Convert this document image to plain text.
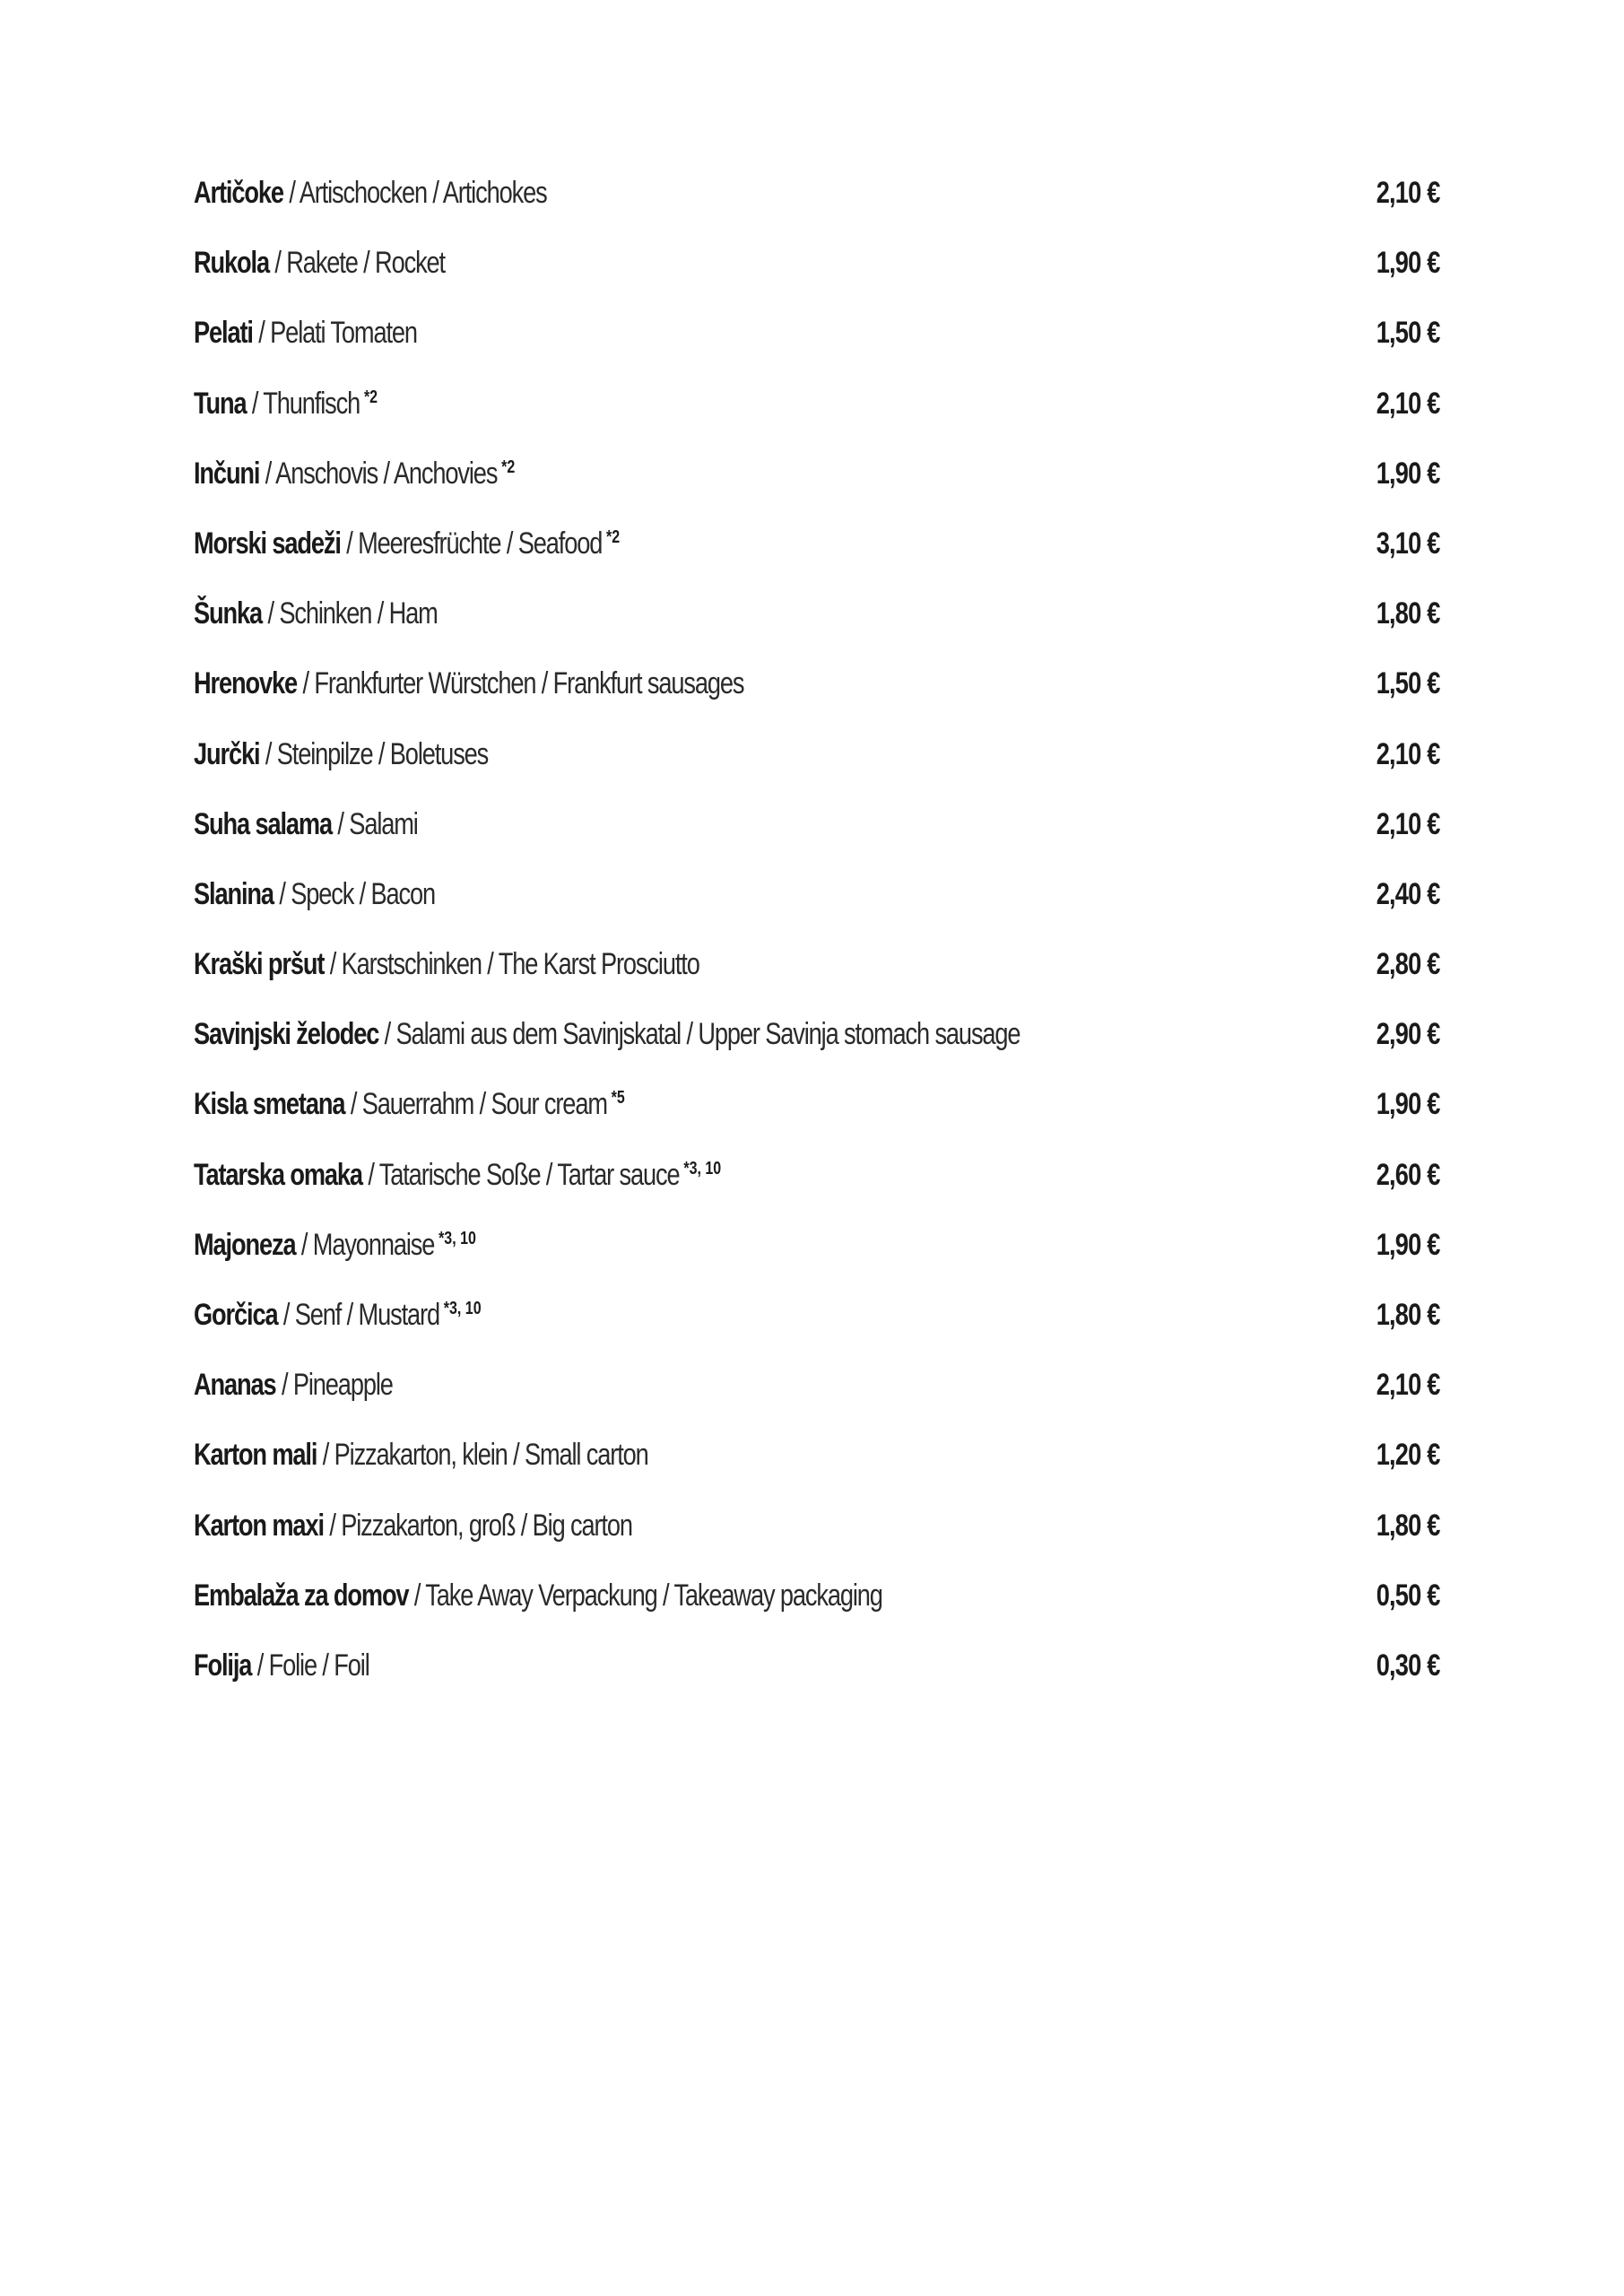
Artičoke / Artischocken / Artichokes	2,10 €
Rukola / Rakete / Rocket	1,90 €
Pelati / Pelati Tomaten	1,50 €
Tuna / Thunfisch $^{*2}$	2,10 €
Inčuni / Anschovis / Anchovies $^{*2}$	1,90 €
Morski sadeži / Meeresfrüchte / Seafood $^{*2}$	3,10 €
Šunka / Schinken / Ham	1,80 €
Hrenovke / Frankfurter Würstchen / Frankfurt sausages	1,50 €
Jurčki / Steinpilze / Boletuses	2,10 €
Suha salama / Salami	2,10 €
Slanina / Speck / Bacon	2,40 €
Kraški pršut / Karstschinken / The Karst Prosciutto	2,80 €
Savinjski želodec / Salami aus dem Savinjskatal / Upper Savinja stomach sausage	2,90 €
Kisla smetana / Sauerrahm / Sour cream $^{*5}$	1,90 €
Tatarska omaka / Tatarische Soße / Tartar sauce $^{*3, 10}$	2,60 €
Majoneza / Mayonnaise $^{*3, 10}$	1,90 €
Gorčica / Senf / Mustard $^{*3, 10}$	1,80 €
Ananas / Pineapple	2,10 €
Karton mali / Pizzakarton, klein / Small carton	1,20 €
Karton maxi / Pizzakarton, groß / Big carton	1,80 €
Embalaža za domov / Take Away Verpackung / Takeaway packaging	0,50 €
Folija / Folie / Foil	0,30 €
